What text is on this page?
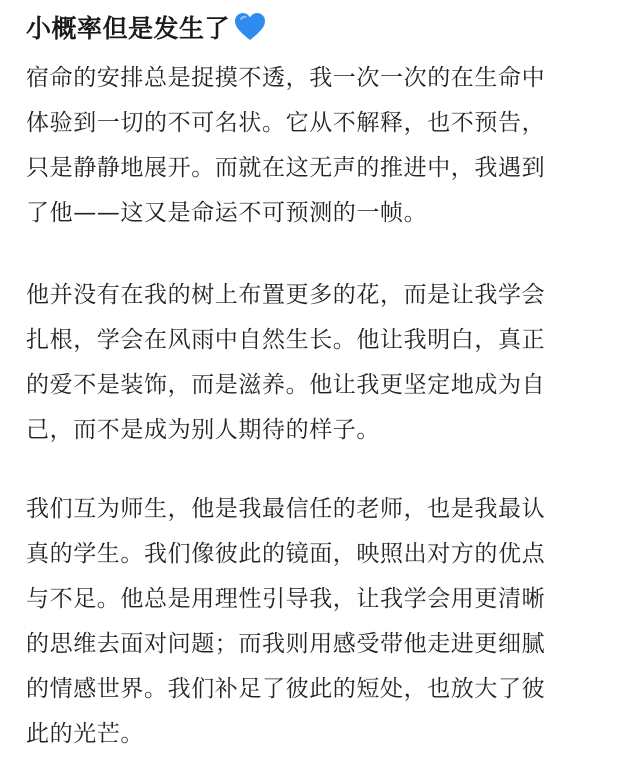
小概率但是发生了
宿命的安排总是捉摸不透，我一次一次的在生命中
体验到一切的不可名状。它从不解释，也不预告，
只是静静地展开。而就在这无声的推进中，我遇到
了他——这又是命运不可预测的一帧。
他并没有在我的树上布置更多的花，而是让我学会
扎根，学会在风雨中自然生长。他让我明白，真正
的爱不是装饰，而是滋养。他让我更坚定地成为自
己，而不是成为别人期待的样子。
我们互为师生，他是我最信任的老师，也是我最认
真的学生。我们像彼此的镜面，映照出对方的优点
与不足。他总是用理性引导我，让我学会用更清晰
的思维去面对问题；而我则用感受带他走进更细腻
的情感世界。我们补足了彼此的短处，也放大了彼
此的光芒。
